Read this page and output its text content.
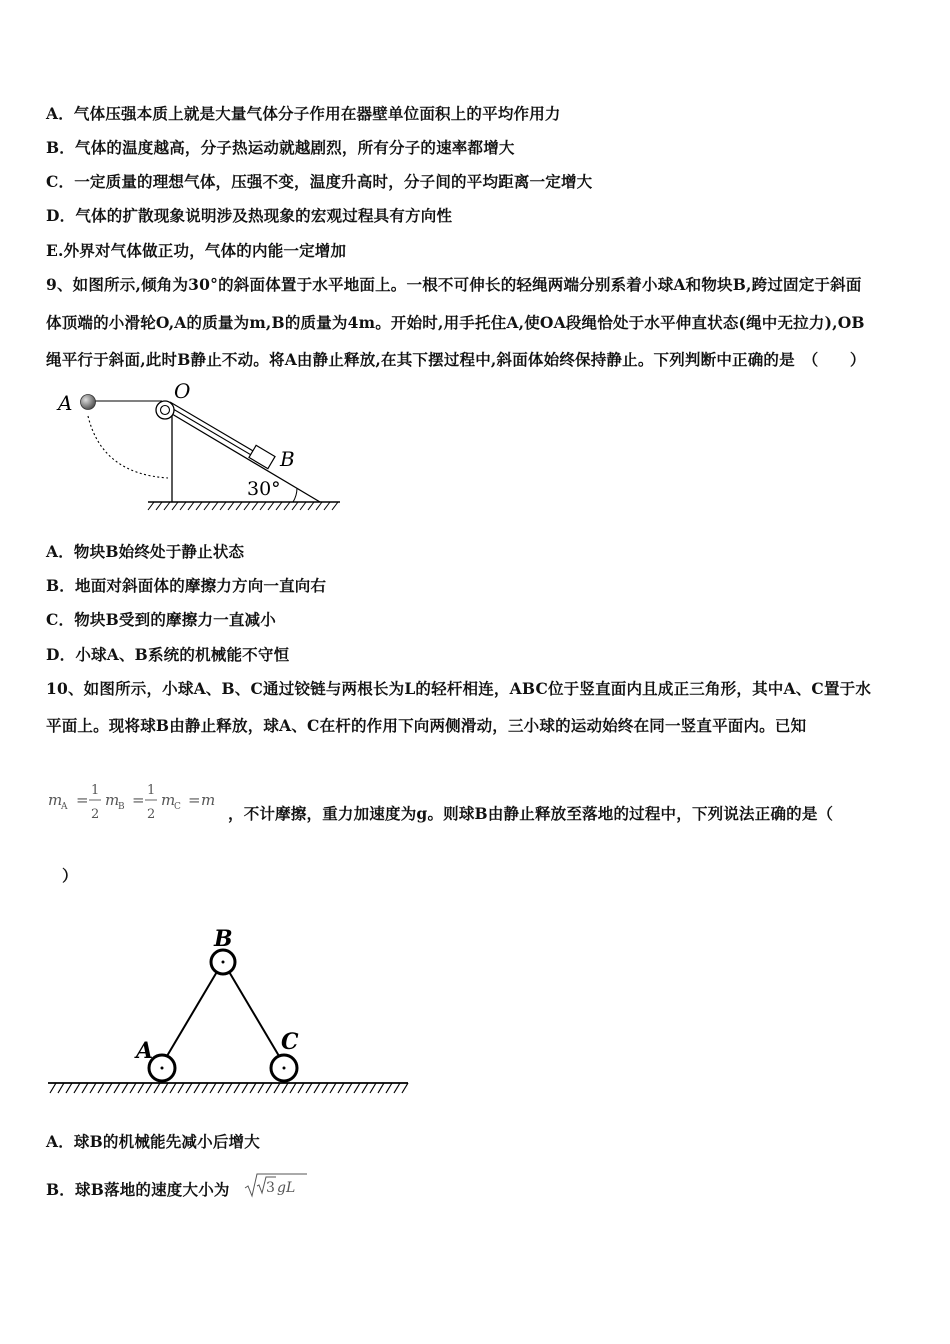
A．气体压强本质上就是大量气体分子作用在器壁单位面积上的平均作用力
B．气体的温度越高，分子热运动就越剧烈，所有分子的速率都增大
C．一定质量的理想气体，压强不变，温度升高时，分子间的平均距离一定增大
D．气体的扩散现象说明涉及热现象的宏观过程具有方向性
E.外界对气体做正功，气体的内能一定增加
9、如图所示,倾角为30°的斜面体置于水平地面上。一根不可伸长的轻绳两端分别系着小球A和物块B,跨过固定于斜面
体顶端的小滑轮O,A的质量为m,B的质量为4m。开始时,用手托住A,使OA段绳恰处于水平伸直状态(绳中无拉力),OB
绳平行于斜面,此时B静止不动。将A由静止释放,在其下摆过程中,斜面体始终保持静止。下列判断中正确的是　（　　）
A	O
B
30°
A．物块B始终处于静止状态
B．地面对斜面体的摩擦力方向一直向右
C．物块B受到的摩擦力一直减小
D．小球A、B系统的机械能不守恒
10、如图所示，小球A、B、C通过铰链与两根长为L的轻杆相连，ABC位于竖直面内且成正三角形，其中A、C置于水
平面上。现将球B由静止释放，球A、C在杆的作用下向两侧滑动，三小球的运动始终在同一竖直平面内。已知
m
A =
1
2
m
B =
1
2
m
C = m
，不计摩擦，重力加速度为g。则球B由静止释放至落地的过程中，下列说法正确的是（
）
B
A	C
A．球B的机械能先减小后增大
B．球B落地的速度大小为	3 gL
